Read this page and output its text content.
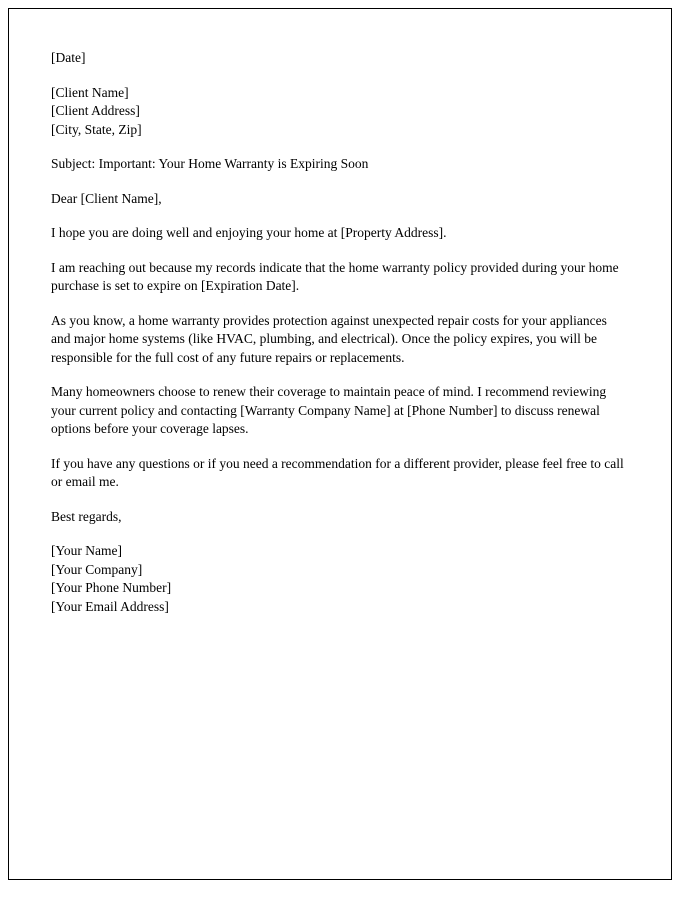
[Date]
[Client Name]
[Client Address]
[City, State, Zip]

Subject: Important: Your Home Warranty is Expiring Soon

Dear [Client Name],

I hope you are doing well and enjoying your home at [Property Address].

I am reaching out because my records indicate that the home warranty policy provided during your home purchase is set to expire on [Expiration Date].

As you know, a home warranty provides protection against unexpected repair costs for your appliances and major home systems (like HVAC, plumbing, and electrical). Once the policy expires, you will be responsible for the full cost of any future repairs or replacements.

Many homeowners choose to renew their coverage to maintain peace of mind. I recommend reviewing your current policy and contacting [Warranty Company Name] at [Phone Number] to discuss renewal options before your coverage lapses.

If you have any questions or if you need a recommendation for a different provider, please feel free to call or email me.

Best regards,

[Your Name]
[Your Company]
[Your Phone Number]
[Your Email Address]
